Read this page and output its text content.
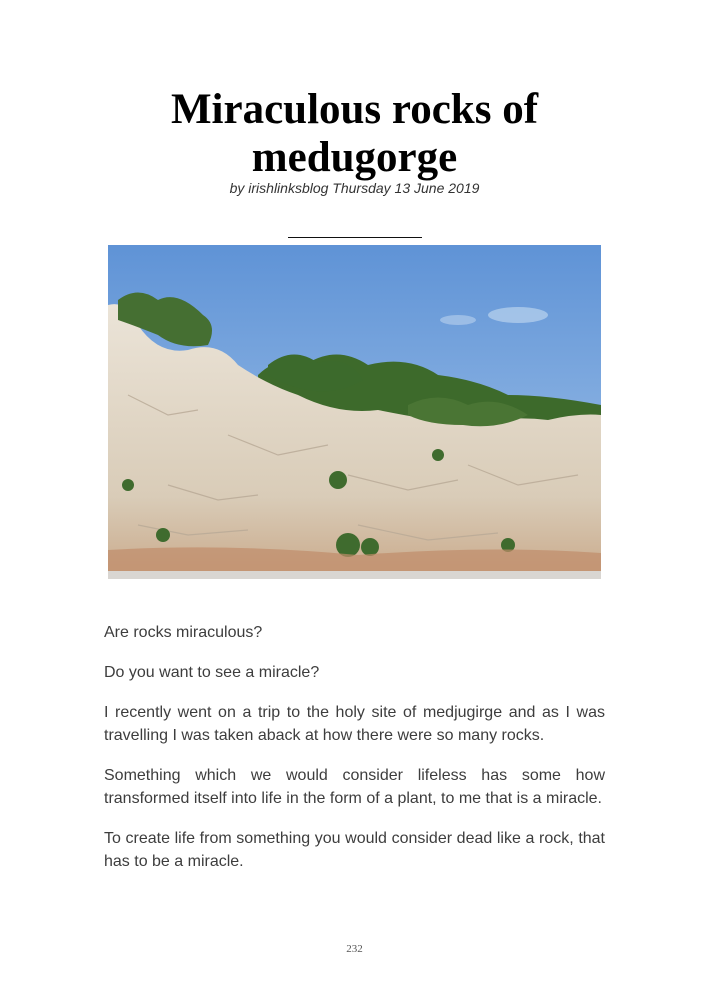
Miraculous rocks of
medugorge
by irishlinksblog Thursday 13 June 2019

Are rocks miraculous?

Do you want to see a miracle?

I recently went on a trip to the holy site of medjugirge and as I was travelling I was taken aback at how there were so many rocks.

Something which we would consider lifeless has some how transformed itself into life in the form of a plant, to me that is a miracle.

To create life from something you would consider dead like a rock, that has to be a miracle.

232
